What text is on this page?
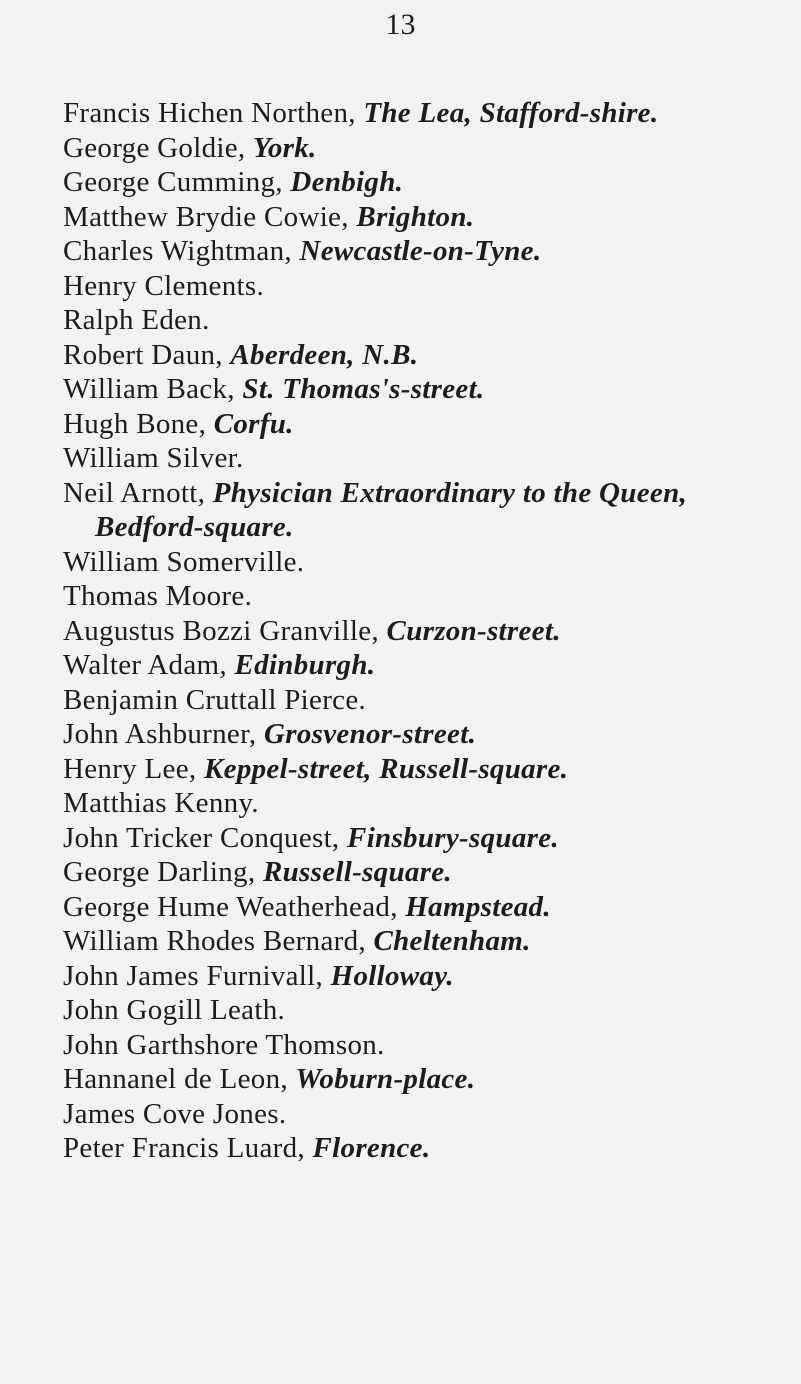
13
Francis Hichen Northen, The Lea, Stafford-shire.
George Goldie, York.
George Cumming, Denbigh.
Matthew Brydie Cowie, Brighton.
Charles Wightman, Newcastle-on-Tyne.
Henry Clements.
Ralph Eden.
Robert Daun, Aberdeen, N.B.
William Back, St. Thomas's-street.
Hugh Bone, Corfu.
William Silver.
Neil Arnott, Physician Extraordinary to the Queen, Bedford-square.
William Somerville.
Thomas Moore.
Augustus Bozzi Granville, Curzon-street.
Walter Adam, Edinburgh.
Benjamin Cruttall Pierce.
John Ashburner, Grosvenor-street.
Henry Lee, Keppel-street, Russell-square.
Matthias Kenny.
John Tricker Conquest, Finsbury-square.
George Darling, Russell-square.
George Hume Weatherhead, Hampstead.
William Rhodes Bernard, Cheltenham.
John James Furnivall, Holloway.
John Gogill Leath.
John Garthshore Thomson.
Hannanel de Leon, Woburn-place.
James Cove Jones.
Peter Francis Luard, Florence.
